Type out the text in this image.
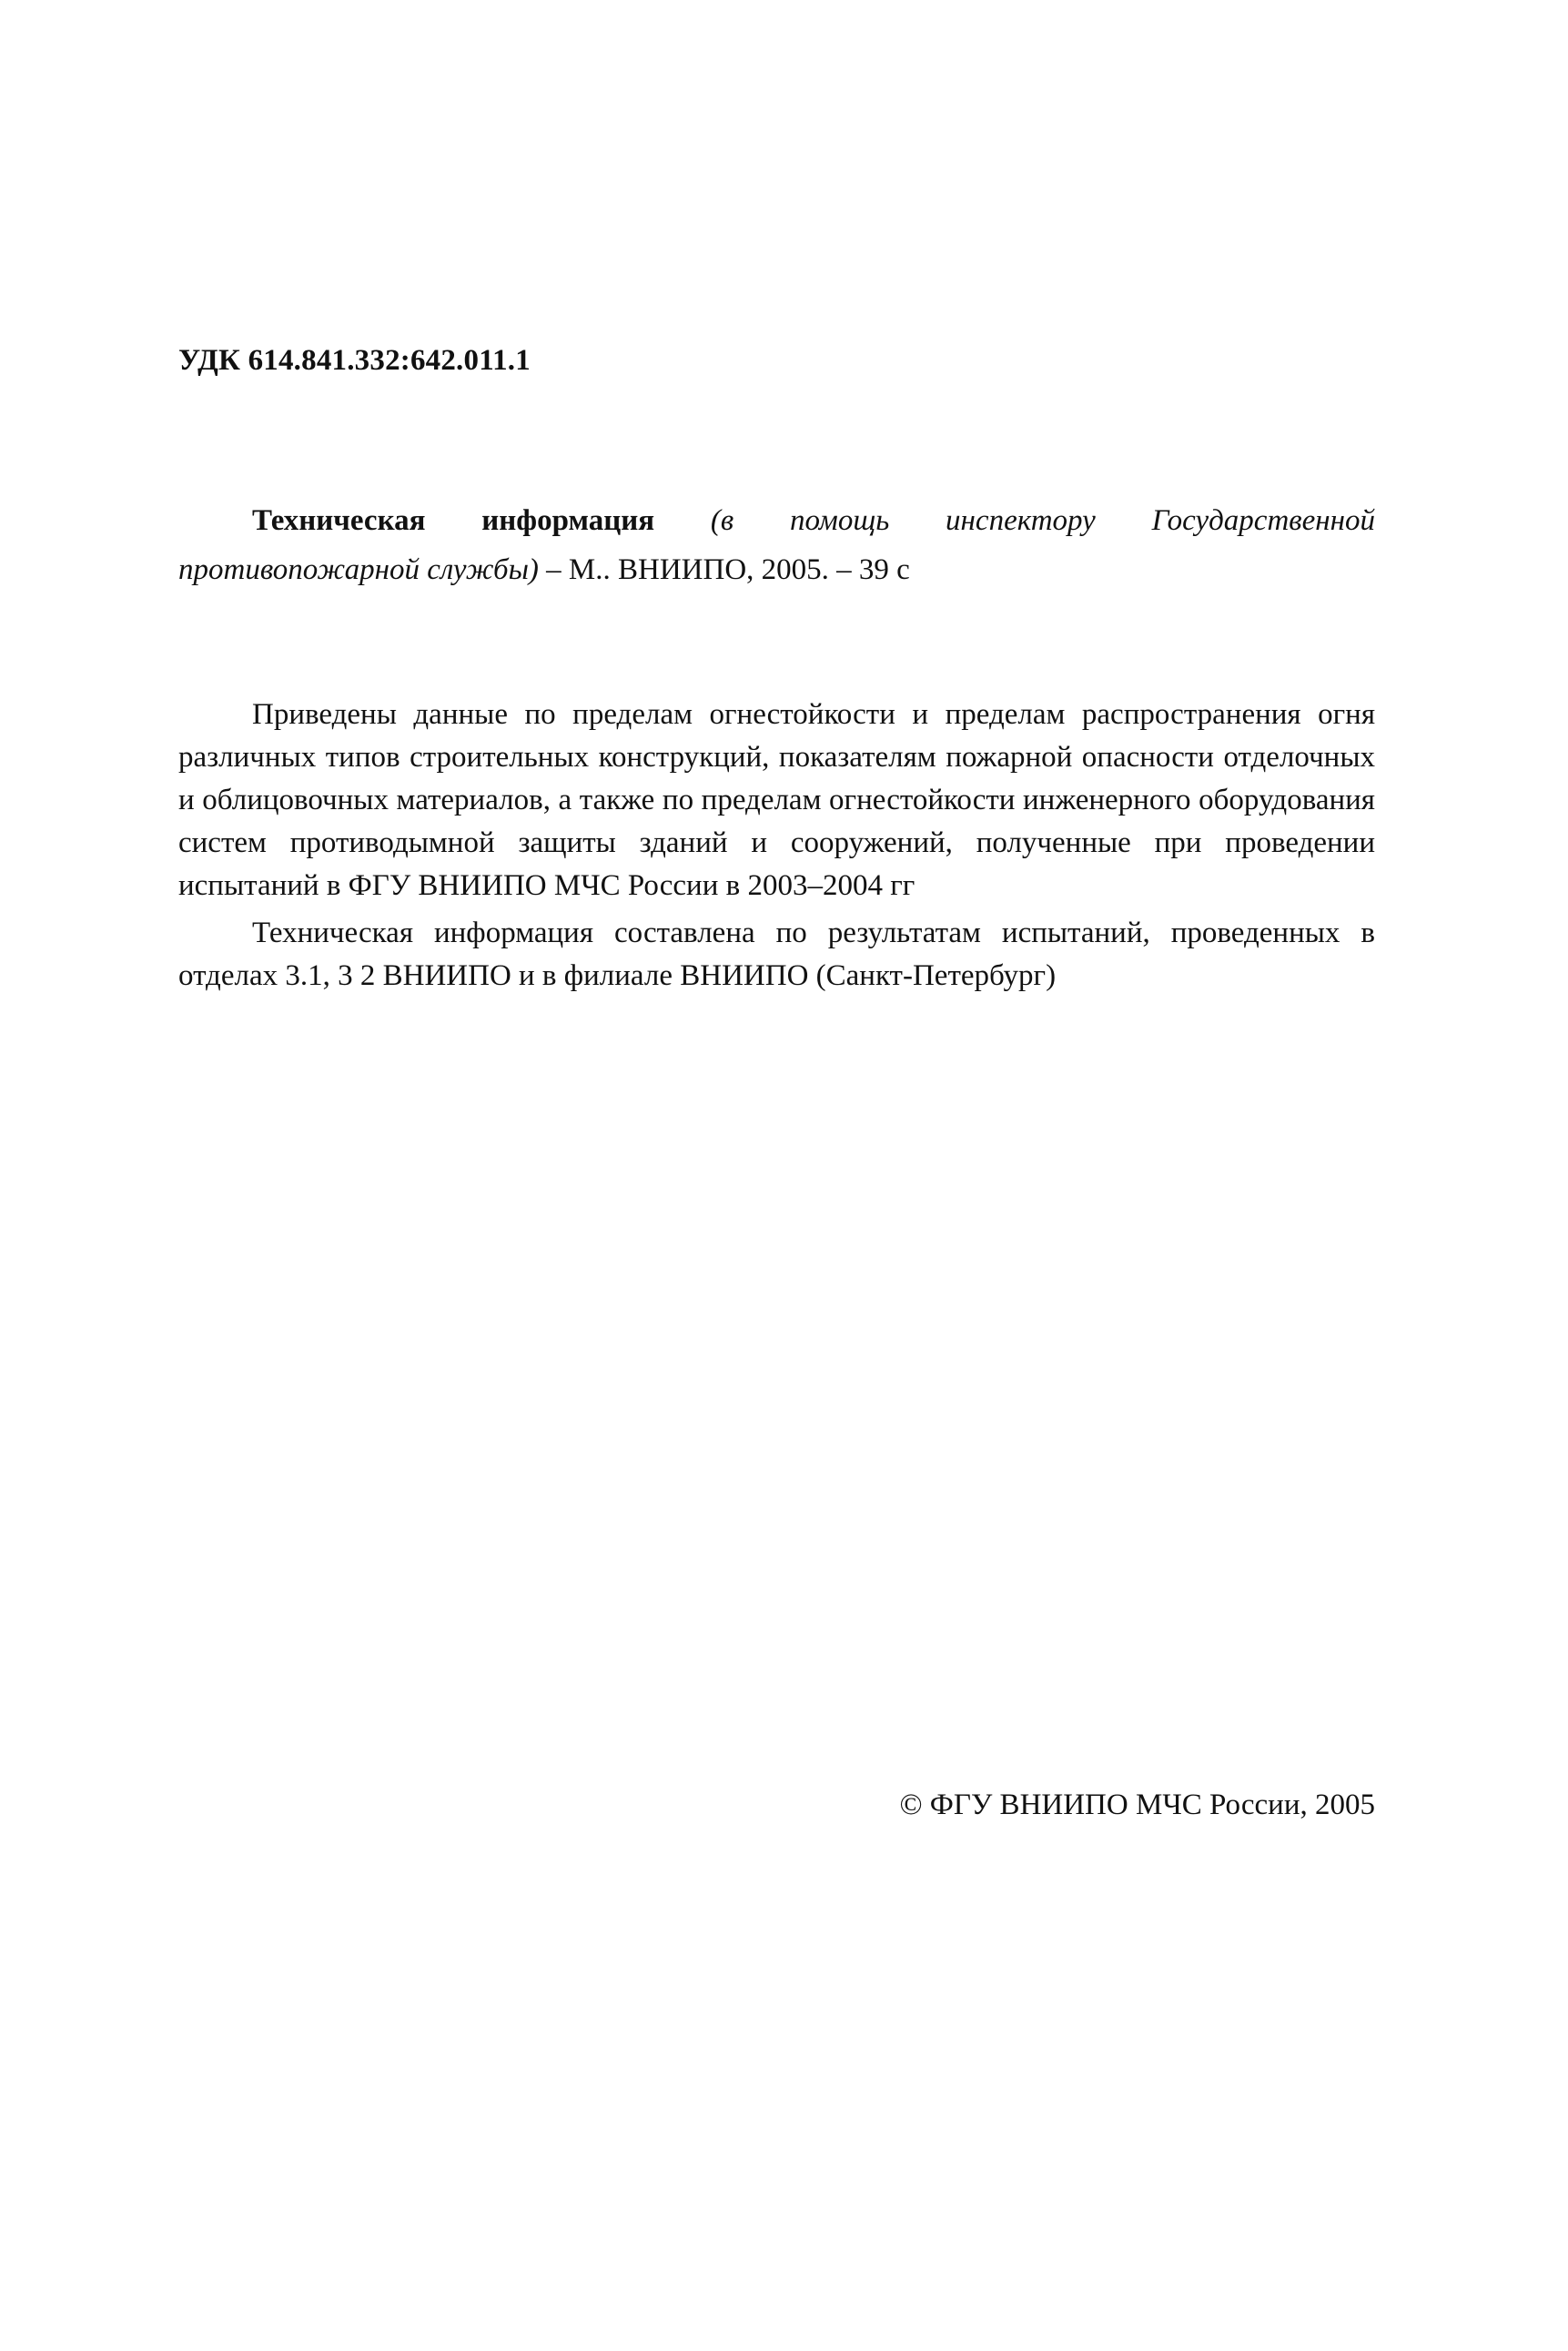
УДК 614.841.332:642.011.1

Техническая информация (в помощь инспектору Государственной противопожарной службы) – М.. ВНИИПО, 2005. – 39 с

Приведены данные по пределам огнестойкости и пределам распространения огня различных типов строительных конструкций, показателям пожарной опасности отделочных и облицовочных материалов, а также по пределам огнестойкости инженерного оборудования систем противодымной защиты зданий и сооружений, полученные при проведении испытаний в ФГУ ВНИИПО МЧС России в 2003–2004 гг

Техническая информация составлена по результатам испытаний, проведенных в отделах 3.1, 3 2 ВНИИПО и в филиале ВНИИПО (Санкт-Петербург)

© ФГУ ВНИИПО МЧС России, 2005
